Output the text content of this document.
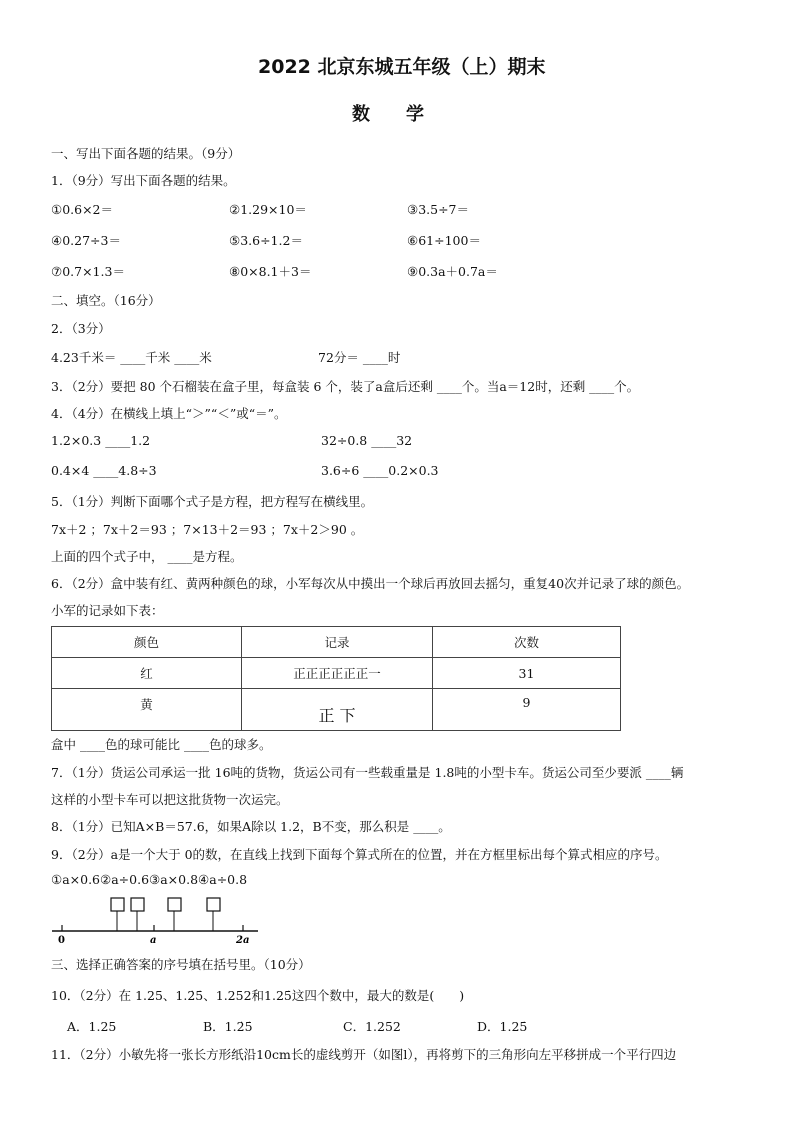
2022 北京东城五年级（上）期末
数　　学
一、写出下面各题的结果。（9分）
1．（9分）写出下面各题的结果。
①0.6×2＝	②1.29×10＝	③3.5÷7＝
④0.27÷3＝	⑤3.6÷1.2＝	⑥61÷100＝
⑦0.7×1.3＝	⑧0×8.1＋3＝	⑨0.3a＋0.7a＝
二、填空。（16分）
2．（3分）
4.23千米＝ ____千米 ____米	72分＝ ____时
3．（2分）要把 80 个石榴装在盒子里，每盒装 6 个，装了a盒后还剩 ____个。当a＝12时，还剩 ____个。
4．（4分）在横线上填上“＞”“＜”或“＝”。
1.2×0.3 ____1.2	32÷0.8 ____32
0.4×4 ____4.8÷3	3.6÷6 ____0.2×0.3
5．（1分）判断下面哪个式子是方程，把方程写在横线里。
7x＋2 ；7x＋2＝93 ；7×13＋2＝93 ；7x＋2＞90 。
上面的四个式子中， ____是方程。
6．（2分）盒中装有红、黄两种颜色的球，小军每次从中摸出一个球后再放回去摇匀，重复40次并记录了球的颜色。
小军的记录如下表：
颜色	记录	次数
红	正正正正正正一	31
黄	正 下	9
盒中 ____色的球可能比 ____色的球多。
7．（1分）货运公司承运一批 16吨的货物，货运公司有一些载重量是 1.8吨的小型卡车。货运公司至少要派 ____辆
这样的小型卡车可以把这批货物一次运完。
8．（1分）已知A×B＝57.6，如果A除以 1.2，B不变，那么积是 ____。
9．（2分）a是一个大于 0的数，在直线上找到下面每个算式所在的位置，并在方框里标出每个算式相应的序号。
①a×0.6②a÷0.6③a×0.8④a÷0.8
0	a	2a
三、选择正确答案的序号填在括号里。（10分）
10．（2分）在 1.25、1.2̇5̇、1.252和1.25̇这四个数中，最大的数是(　　)
A．1.25	B．1.2̇5̇	C．1.252	D．1.25̇
11．（2分）小敏先将一张长方形纸沿10cm长的虚线剪开（如图l），再将剪下的三角形向左平移拼成一个平行四边
